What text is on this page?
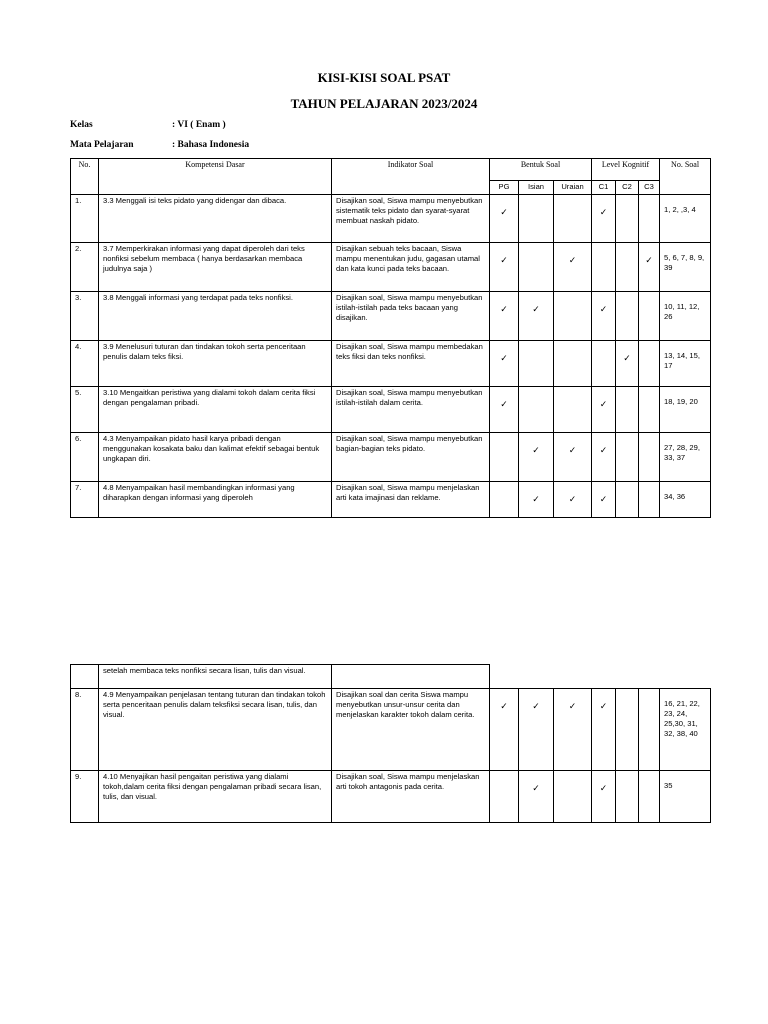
KISI-KISI SOAL PSAT
TAHUN PELAJARAN 2023/2024
Kelas	: VI ( Enam )
Mata Pelajaran	: Bahasa Indonesia
No.	Kompetensi Dasar	Indikator Soal	Bentuk Soal			Level Kognitif			No. Soal
			PG	Isian	Uraian	C1	C2	C3	
1.	3.3 Menggali isi teks pidato yang didengar dan dibaca.	Disajikan soal, Siswa mampu menyebutkan sistematik teks pidato dan syarat-syarat membuat naskah pidato.	✓			✓			1, 2, ,3, 4
2.	3.7 Memperkirakan informasi yang dapat diperoleh dari teks nonfiksi sebelum membaca ( hanya berdasarkan membaca judulnya saja )	Disajikan sebuah teks bacaan, Siswa mampu menentukan judu, gagasan utamal dan kata kunci pada teks bacaan.	✓		✓			✓	5, 6, 7, 8, 9, 39
3.	3.8 Menggali informasi yang terdapat pada teks nonfiksi.	Disajikan soal, Siswa mampu menyebutkan istilah-istilah pada teks bacaan yang disajikan.	✓	✓		✓			10, 11, 12, 26
4.	3.9 Menelusuri tuturan dan tindakan tokoh serta penceritaan penulis dalam teks fiksi.	Disajikan soal, Siswa mampu membedakan teks fiksi dan teks nonfiksi.	✓				✓		13, 14, 15, 17
5.	3.10 Mengaitkan peristiwa yang dialami tokoh dalam cerita fiksi dengan pengalaman pribadi.	Disajikan soal, Siswa mampu menyebutkan istilah-istilah dalam cerita.	✓			✓			18, 19, 20
6.	4.3 Menyampaikan pidato hasil karya pribadi dengan menggunakan kosakata baku dan kalimat efektif sebagai bentuk ungkapan diri.	Disajikan soal, Siswa mampu menyebutkan bagian-bagian teks pidato.		✓	✓	✓			27, 28, 29, 33, 37
7.	4.8 Menyampaikan hasil membandingkan informasi yang diharapkan dengan informasi yang diperoleh	Disajikan soal, Siswa mampu menjelaskan arti kata imajinasi dan reklame.		✓	✓	✓			34, 36
	setelah membaca teks nonfiksi secara lisan, tulis dan visual.								
8.	4.9 Menyampaikan penjelasan tentang tuturan dan tindakan tokoh serta penceritaan penulis dalam teksfiksi secara lisan, tulis, dan visual.	Disajikan soal dan cerita Siswa mampu menyebutkan unsur-unsur cerita dan menjelaskan karakter tokoh dalam cerita.	✓	✓	✓	✓			16, 21, 22, 23, 24, 25,30, 31, 32, 38, 40
9.	4.10 Menyajikan hasil pengaitan peristiwa yang dialami tokoh,dalam cerita fiksi dengan pengalaman pribadi secara lisan, tulis, dan visual.	Disajikan soal, Siswa mampu menjelaskan arti tokoh antagonis pada cerita.		✓		✓			35
